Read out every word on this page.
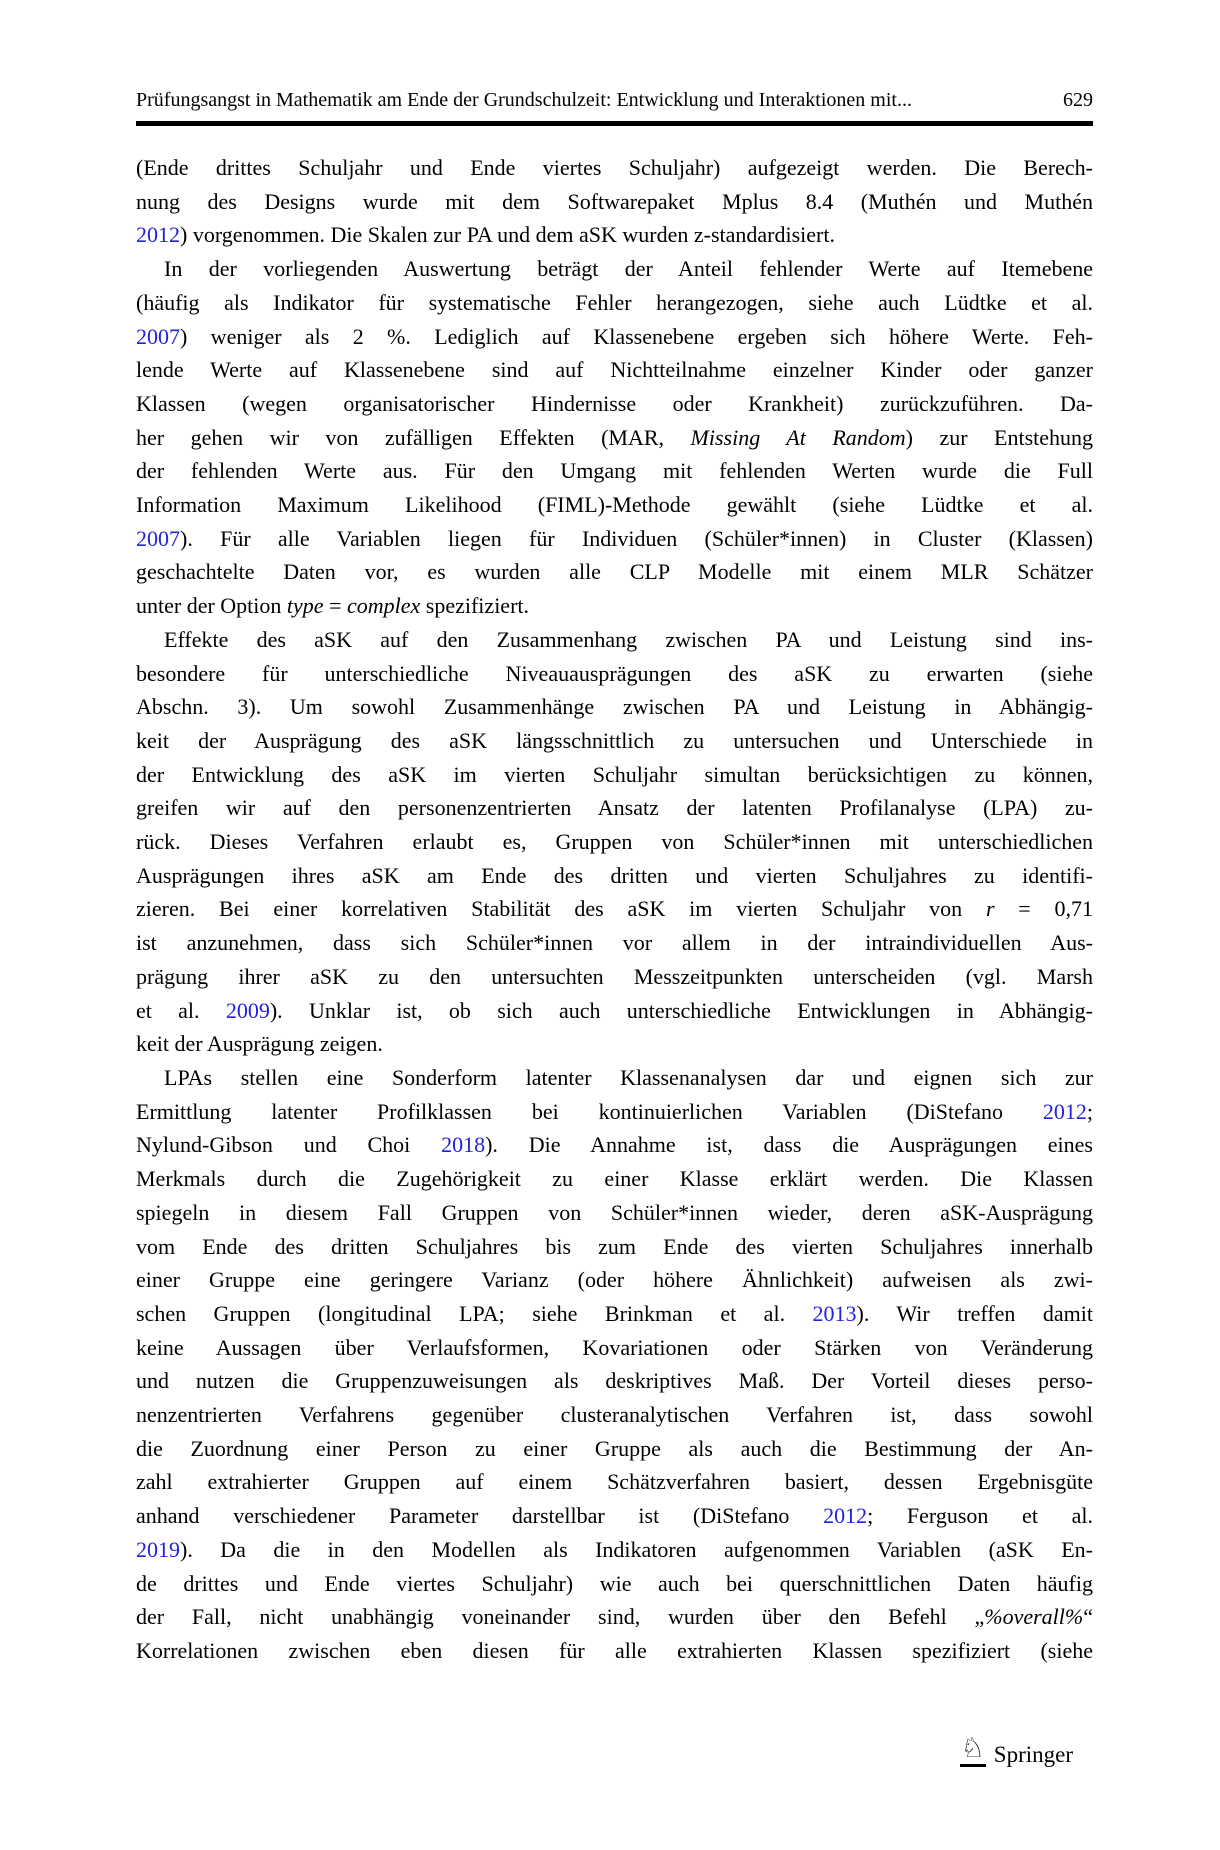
Prüfungsangst in Mathematik am Ende der Grundschulzeit: Entwicklung und Interaktionen mit...	629
(Ende drittes Schuljahr und Ende viertes Schuljahr) aufgezeigt werden. Die Berech-
nung des Designs wurde mit dem Softwarepaket Mplus 8.4 (Muthén und Muthén
2012) vorgenommen. Die Skalen zur PA und dem aSK wurden z-standardisiert.
In der vorliegenden Auswertung beträgt der Anteil fehlender Werte auf Itemebene
(häufig als Indikator für systematische Fehler herangezogen, siehe auch Lüdtke et al.
2007) weniger als 2 %. Lediglich auf Klassenebene ergeben sich höhere Werte. Feh-
lende Werte auf Klassenebene sind auf Nichtteilnahme einzelner Kinder oder ganzer
Klassen (wegen organisatorischer Hindernisse oder Krankheit) zurückzuführen. Da-
her gehen wir von zufälligen Effekten (MAR, Missing At Random) zur Entstehung
der fehlenden Werte aus. Für den Umgang mit fehlenden Werten wurde die Full
Information Maximum Likelihood (FIML)-Methode gewählt (siehe Lüdtke et al.
2007). Für alle Variablen liegen für Individuen (Schüler*innen) in Cluster (Klassen)
geschachtelte Daten vor, es wurden alle CLP Modelle mit einem MLR Schätzer
unter der Option type = complex spezifiziert.
Effekte des aSK auf den Zusammenhang zwischen PA und Leistung sind ins-
besondere für unterschiedliche Niveauausprägungen des aSK zu erwarten (siehe
Abschn. 3). Um sowohl Zusammenhänge zwischen PA und Leistung in Abhängig-
keit der Ausprägung des aSK längsschnittlich zu untersuchen und Unterschiede in
der Entwicklung des aSK im vierten Schuljahr simultan berücksichtigen zu können,
greifen wir auf den personenzentrierten Ansatz der latenten Profilanalyse (LPA) zu-
rück. Dieses Verfahren erlaubt es, Gruppen von Schüler*innen mit unterschiedlichen
Ausprägungen ihres aSK am Ende des dritten und vierten Schuljahres zu identifi-
zieren. Bei einer korrelativen Stabilität des aSK im vierten Schuljahr von r = 0,71
ist anzunehmen, dass sich Schüler*innen vor allem in der intraindividuellen Aus-
prägung ihrer aSK zu den untersuchten Messzeitpunkten unterscheiden (vgl. Marsh
et al. 2009). Unklar ist, ob sich auch unterschiedliche Entwicklungen in Abhängig-
keit der Ausprägung zeigen.
LPAs stellen eine Sonderform latenter Klassenanalysen dar und eignen sich zur
Ermittlung latenter Profilklassen bei kontinuierlichen Variablen (DiStefano 2012;
Nylund-Gibson und Choi 2018). Die Annahme ist, dass die Ausprägungen eines
Merkmals durch die Zugehörigkeit zu einer Klasse erklärt werden. Die Klassen
spiegeln in diesem Fall Gruppen von Schüler*innen wieder, deren aSK-Ausprägung
vom Ende des dritten Schuljahres bis zum Ende des vierten Schuljahres innerhalb
einer Gruppe eine geringere Varianz (oder höhere Ähnlichkeit) aufweisen als zwi-
schen Gruppen (longitudinal LPA; siehe Brinkman et al. 2013). Wir treffen damit
keine Aussagen über Verlaufsformen, Kovariationen oder Stärken von Veränderung
und nutzen die Gruppenzuweisungen als deskriptives Maß. Der Vorteil dieses perso-
nenzentrierten Verfahrens gegenüber clusteranalytischen Verfahren ist, dass sowohl
die Zuordnung einer Person zu einer Gruppe als auch die Bestimmung der An-
zahl extrahierter Gruppen auf einem Schätzverfahren basiert, dessen Ergebnisgüte
anhand verschiedener Parameter darstellbar ist (DiStefano 2012; Ferguson et al.
2019). Da die in den Modellen als Indikatoren aufgenommen Variablen (aSK En-
de drittes und Ende viertes Schuljahr) wie auch bei querschnittlichen Daten häufig
der Fall, nicht unabhängig voneinander sind, wurden über den Befehl „%overall%“
Korrelationen zwischen eben diesen für alle extrahierten Klassen spezifiziert (siehe
♘ Springer
